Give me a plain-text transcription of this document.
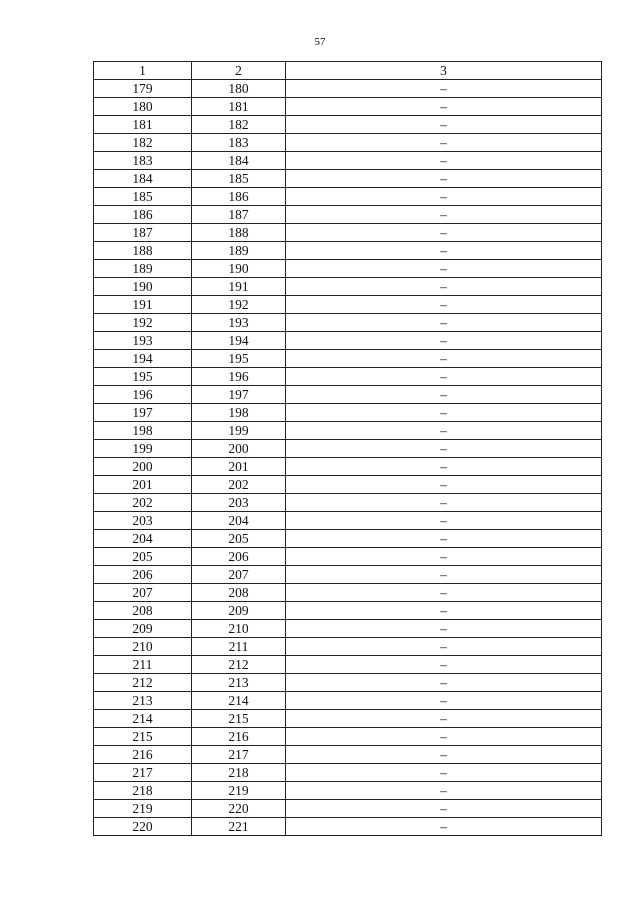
57
1	2	3
179	180	–
180	181	–
181	182	–
182	183	–
183	184	–
184	185	–
185	186	–
186	187	–
187	188	–
188	189	–
189	190	–
190	191	–
191	192	–
192	193	–
193	194	–
194	195	–
195	196	–
196	197	–
197	198	–
198	199	–
199	200	–
200	201	–
201	202	–
202	203	–
203	204	–
204	205	–
205	206	–
206	207	–
207	208	–
208	209	–
209	210	–
210	211	–
211	212	–
212	213	–
213	214	–
214	215	–
215	216	–
216	217	–
217	218	–
218	219	–
219	220	–
220	221	–
